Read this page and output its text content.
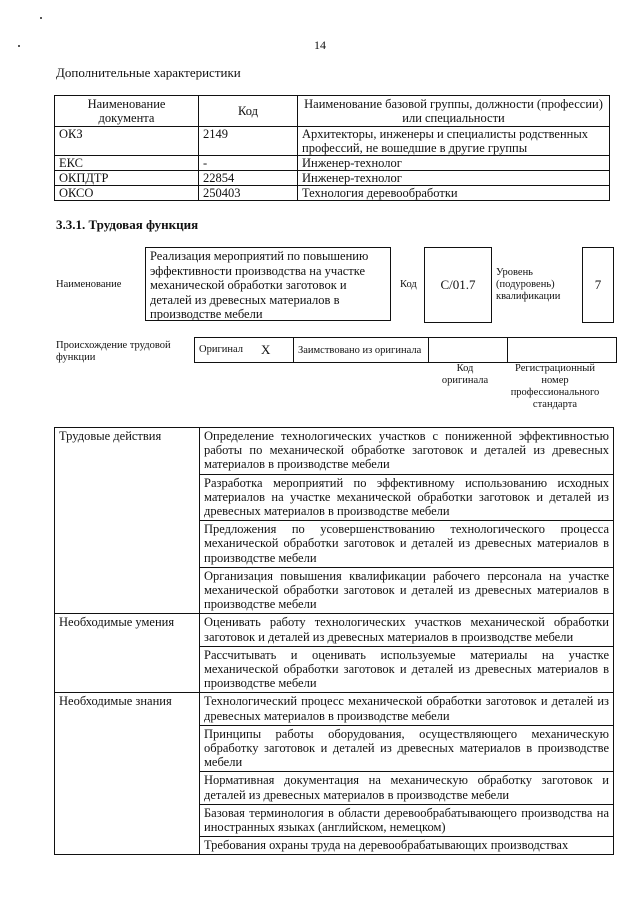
14
Дополнительные характеристики
Наименование документа	Код	Наименование базовой группы, должности (профессии) или специальности
ОКЗ	2149	Архитекторы, инженеры и специалисты родственных профессий, не вошедшие в другие группы
ЕКС	-	Инженер-технолог
ОКПДТР	22854	Инженер-технолог
ОКСО	250403	Технология деревообработки
3.3.1. Трудовая функция
Наименование
Реализация мероприятий по повышению эффективности производства на участке механической обработки заготовок и деталей из древесных материалов в производстве мебели
Код	C/01.7
Уровень (подуровень) квалификации
7
Происхождение трудовой функции
Оригинал	X	Заимствовано из оригинала		
Код оригинала
Регистрационный номер профессионального стандарта
Трудовые действия	Определение технологических участков с пониженной эффективностью работы по механической обработке заготовок и деталей из древесных материалов в производстве мебели
	Разработка мероприятий по эффективному использованию исходных материалов на участке механической обработки заготовок и деталей из древесных материалов в производстве мебели
	Предложения по усовершенствованию технологического процесса механической обработки заготовок и деталей из древесных материалов в производстве мебели
	Организация повышения квалификации рабочего персонала на участке механической обработки заготовок и деталей из древесных материалов в производстве мебели
Необходимые умения	Оценивать работу технологических участков механической обработки заготовок и деталей из древесных материалов в производстве мебели
	Рассчитывать и оценивать используемые материалы на участке механической обработки заготовок и деталей из древесных материалов в производстве мебели
Необходимые знания	Технологический процесс механической обработки заготовок и деталей из древесных материалов в производстве мебели
	Принципы работы оборудования, осуществляющего механическую обработку заготовок и деталей из древесных материалов в производстве мебели
	Нормативная документация на механическую обработку заготовок и деталей из древесных материалов в производстве мебели
	Базовая терминология в области деревообрабатывающего производства на иностранных языках (английском, немецком)
	Требования охраны труда на деревообрабатывающих производствах
